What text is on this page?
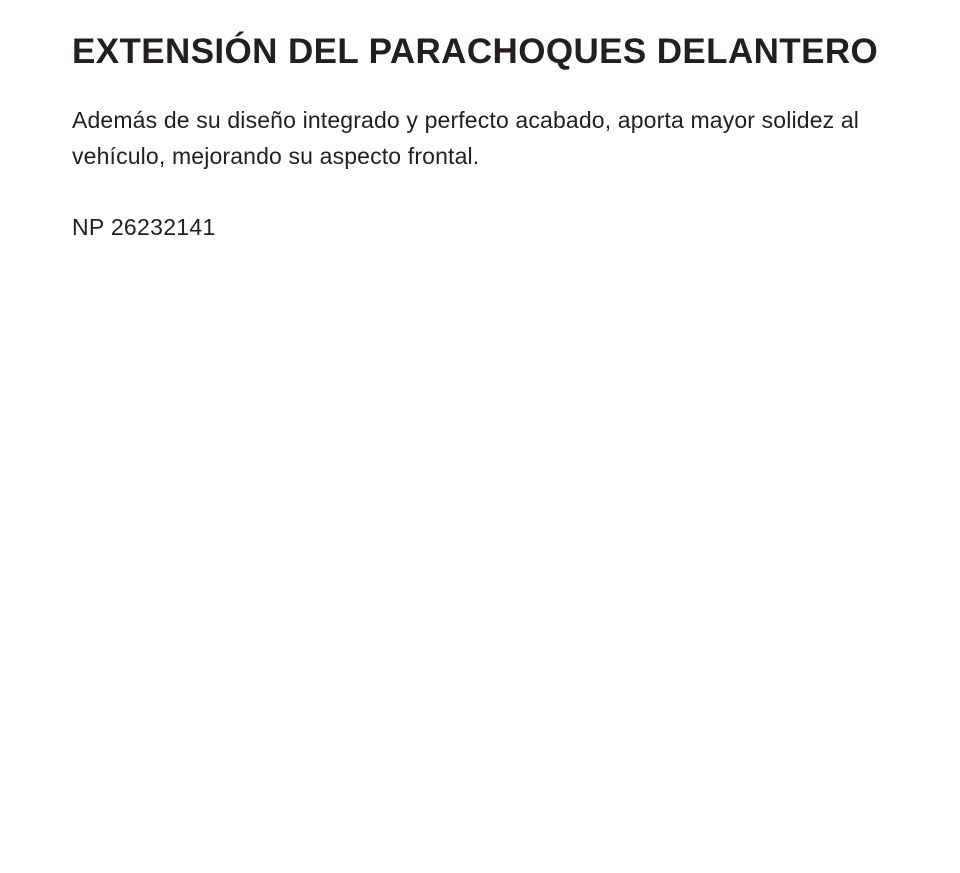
EXTENSIÓN DEL PARACHOQUES DELANTERO

Además de su diseño integrado y perfecto acabado, aporta mayor solidez al vehículo, mejorando su aspecto frontal.

NP 26232141
